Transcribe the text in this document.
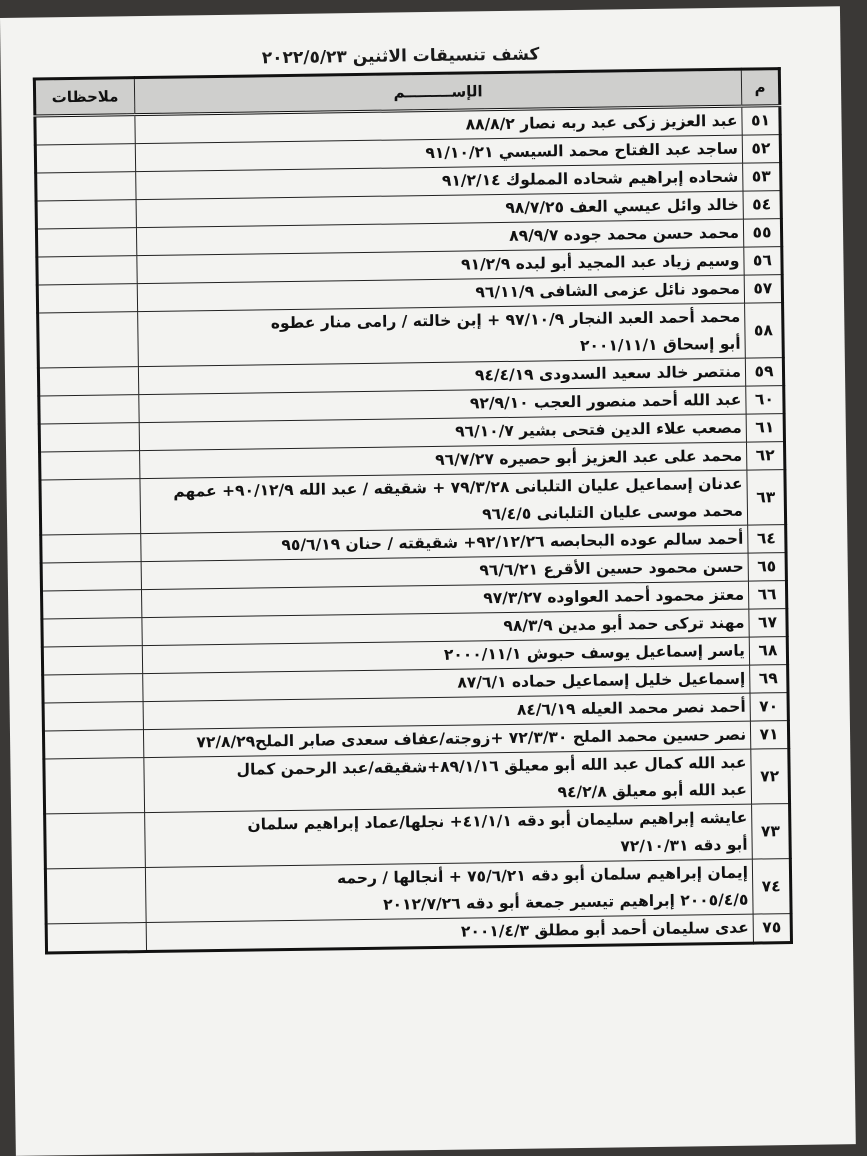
كشف تنسيقات الاثنين ٢٠٢٢/٥/٢٣
م	الإســـــــــم	ملاحظات
٥١	عبد العزيز زكى عبد ربه نصار ٨٨/٨/٢	

٥٢	ساجد عبد الفتاح محمد السيسي ٩١/١٠/٢١	

٥٣	شحاده إبراهيم شحاده المملوك ٩١/٢/١٤	

٥٤	خالد وائل عيسي العف ٩٨/٧/٢٥	

٥٥	محمد حسن محمد جوده ٨٩/٩/٧	

٥٦	وسيم زياد عبد المجيد أبو لبده ٩١/٢/٩	

٥٧	محمود نائل عزمى الشافى ٩٦/١١/٩	

٥٨	محمد أحمد العبد النجار ٩٧/١٠/٩ + إبن خالته / رامى منار عطوه
أبو إسحاق ٢٠٠١/١١/١	

٥٩	منتصر خالد سعيد السدودى ٩٤/٤/١٩	

٦٠	عبد الله أحمد منصور العجب ٩٢/٩/١٠	

٦١	مصعب علاء الدين فتحى بشير ٩٦/١٠/٧	

٦٢	محمد على عبد العزيز أبو حصيره ٩٦/٧/٢٧	

٦٣	عدنان إسماعيل عليان التلبانى ٧٩/٣/٢٨ + شقيقه / عبد الله ٩٠/١٢/٩+ عمهم
محمد موسى عليان التلبانى ٩٦/٤/٥	

٦٤	أحمد سالم عوده البحابصه ٩٢/١٢/٢٦+ شقيقته / حنان ٩٥/٦/١٩	

٦٥	حسن محمود حسين الأقرع ٩٦/٦/٢١	

٦٦	معتز محمود أحمد العواوده ٩٧/٣/٢٧	

٦٧	مهند تركى حمد أبو مدين ٩٨/٣/٩	

٦٨	ياسر إسماعيل يوسف حبوش ٢٠٠٠/١١/١	

٦٩	إسماعيل خليل إسماعيل حماده ٨٧/٦/١	

٧٠	أحمد نصر محمد العيله ٨٤/٦/١٩	

٧١	نصر حسين محمد الملح ٧٢/٣/٣٠ +زوجته/عفاف سعدى صابر الملح٧٢/٨/٢٩	

٧٢	عبد الله كمال عبد الله أبو معيلق ٨٩/١/١٦+شقيقه/عبد الرحمن كمال
عبد الله أبو معيلق ٩٤/٢/٨	

٧٣	عايشه إبراهيم سليمان أبو دقه ٤١/١/١+ نجلها/عماد إبراهيم سلمان
أبو دقه ٧٢/١٠/٣١	

٧٤	إيمان إبراهيم سلمان أبو دقه ٧٥/٦/٢١ + أنجالها / رحمه
٢٠٠٥/٤/٥ إبراهيم تيسير جمعة أبو دقه ٢٠١٢/٧/٢٦	

٧٥	عدى سليمان أحمد أبو مطلق ٢٠٠١/٤/٣	
